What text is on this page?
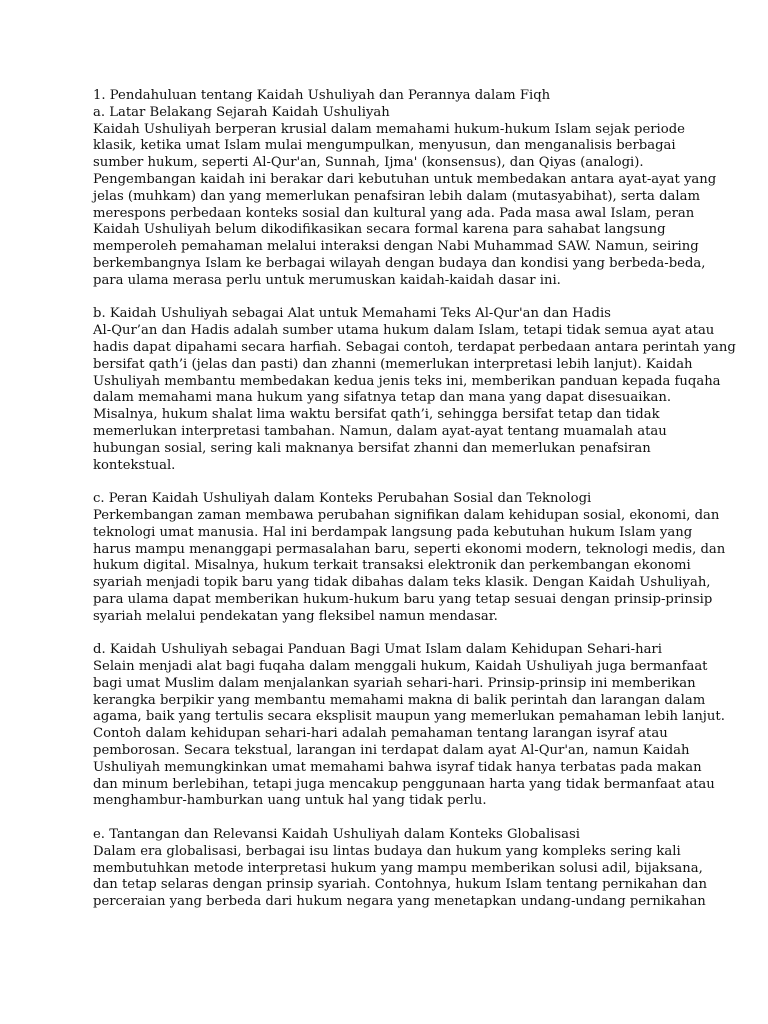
1. Pendahuluan tentang Kaidah Ushuliyah dan Perannya dalam Fiqh
a. Latar Belakang Sejarah Kaidah Ushuliyah
Kaidah Ushuliyah berperan krusial dalam memahami hukum-hukum Islam sejak periode
klasik, ketika umat Islam mulai mengumpulkan, menyusun, dan menganalisis berbagai
sumber hukum, seperti Al-Qur'an, Sunnah, Ijma' (konsensus), dan Qiyas (analogi).
Pengembangan kaidah ini berakar dari kebutuhan untuk membedakan antara ayat-ayat yang
jelas (muhkam) dan yang memerlukan penafsiran lebih dalam (mutasyabihat), serta dalam
merespons perbedaan konteks sosial dan kultural yang ada. Pada masa awal Islam, peran
Kaidah Ushuliyah belum dikodifikasikan secara formal karena para sahabat langsung
memperoleh pemahaman melalui interaksi dengan Nabi Muhammad SAW. Namun, seiring
berkembangnya Islam ke berbagai wilayah dengan budaya dan kondisi yang berbeda-beda,
para ulama merasa perlu untuk merumuskan kaidah-kaidah dasar ini.
b. Kaidah Ushuliyah sebagai Alat untuk Memahami Teks Al-Qur'an dan Hadis
Al-Qur’an dan Hadis adalah sumber utama hukum dalam Islam, tetapi tidak semua ayat atau
hadis dapat dipahami secara harfiah. Sebagai contoh, terdapat perbedaan antara perintah yang
bersifat qath’i (jelas dan pasti) dan zhanni (memerlukan interpretasi lebih lanjut). Kaidah
Ushuliyah membantu membedakan kedua jenis teks ini, memberikan panduan kepada fuqaha
dalam memahami mana hukum yang sifatnya tetap dan mana yang dapat disesuaikan.
Misalnya, hukum shalat lima waktu bersifat qath’i, sehingga bersifat tetap dan tidak
memerlukan interpretasi tambahan. Namun, dalam ayat-ayat tentang muamalah atau
hubungan sosial, sering kali maknanya bersifat zhanni dan memerlukan penafsiran
kontekstual.
c. Peran Kaidah Ushuliyah dalam Konteks Perubahan Sosial dan Teknologi
Perkembangan zaman membawa perubahan signifikan dalam kehidupan sosial, ekonomi, dan
teknologi umat manusia. Hal ini berdampak langsung pada kebutuhan hukum Islam yang
harus mampu menanggapi permasalahan baru, seperti ekonomi modern, teknologi medis, dan
hukum digital. Misalnya, hukum terkait transaksi elektronik dan perkembangan ekonomi
syariah menjadi topik baru yang tidak dibahas dalam teks klasik. Dengan Kaidah Ushuliyah,
para ulama dapat memberikan hukum-hukum baru yang tetap sesuai dengan prinsip-prinsip
syariah melalui pendekatan yang fleksibel namun mendasar.
d. Kaidah Ushuliyah sebagai Panduan Bagi Umat Islam dalam Kehidupan Sehari-hari
Selain menjadi alat bagi fuqaha dalam menggali hukum, Kaidah Ushuliyah juga bermanfaat
bagi umat Muslim dalam menjalankan syariah sehari-hari. Prinsip-prinsip ini memberikan
kerangka berpikir yang membantu memahami makna di balik perintah dan larangan dalam
agama, baik yang tertulis secara eksplisit maupun yang memerlukan pemahaman lebih lanjut.
Contoh dalam kehidupan sehari-hari adalah pemahaman tentang larangan isyraf atau
pemborosan. Secara tekstual, larangan ini terdapat dalam ayat Al-Qur'an, namun Kaidah
Ushuliyah memungkinkan umat memahami bahwa isyraf tidak hanya terbatas pada makan
dan minum berlebihan, tetapi juga mencakup penggunaan harta yang tidak bermanfaat atau
menghambur-hamburkan uang untuk hal yang tidak perlu.
e. Tantangan dan Relevansi Kaidah Ushuliyah dalam Konteks Globalisasi
Dalam era globalisasi, berbagai isu lintas budaya dan hukum yang kompleks sering kali
membutuhkan metode interpretasi hukum yang mampu memberikan solusi adil, bijaksana,
dan tetap selaras dengan prinsip syariah. Contohnya, hukum Islam tentang pernikahan dan
perceraian yang berbeda dari hukum negara yang menetapkan undang-undang pernikahan
